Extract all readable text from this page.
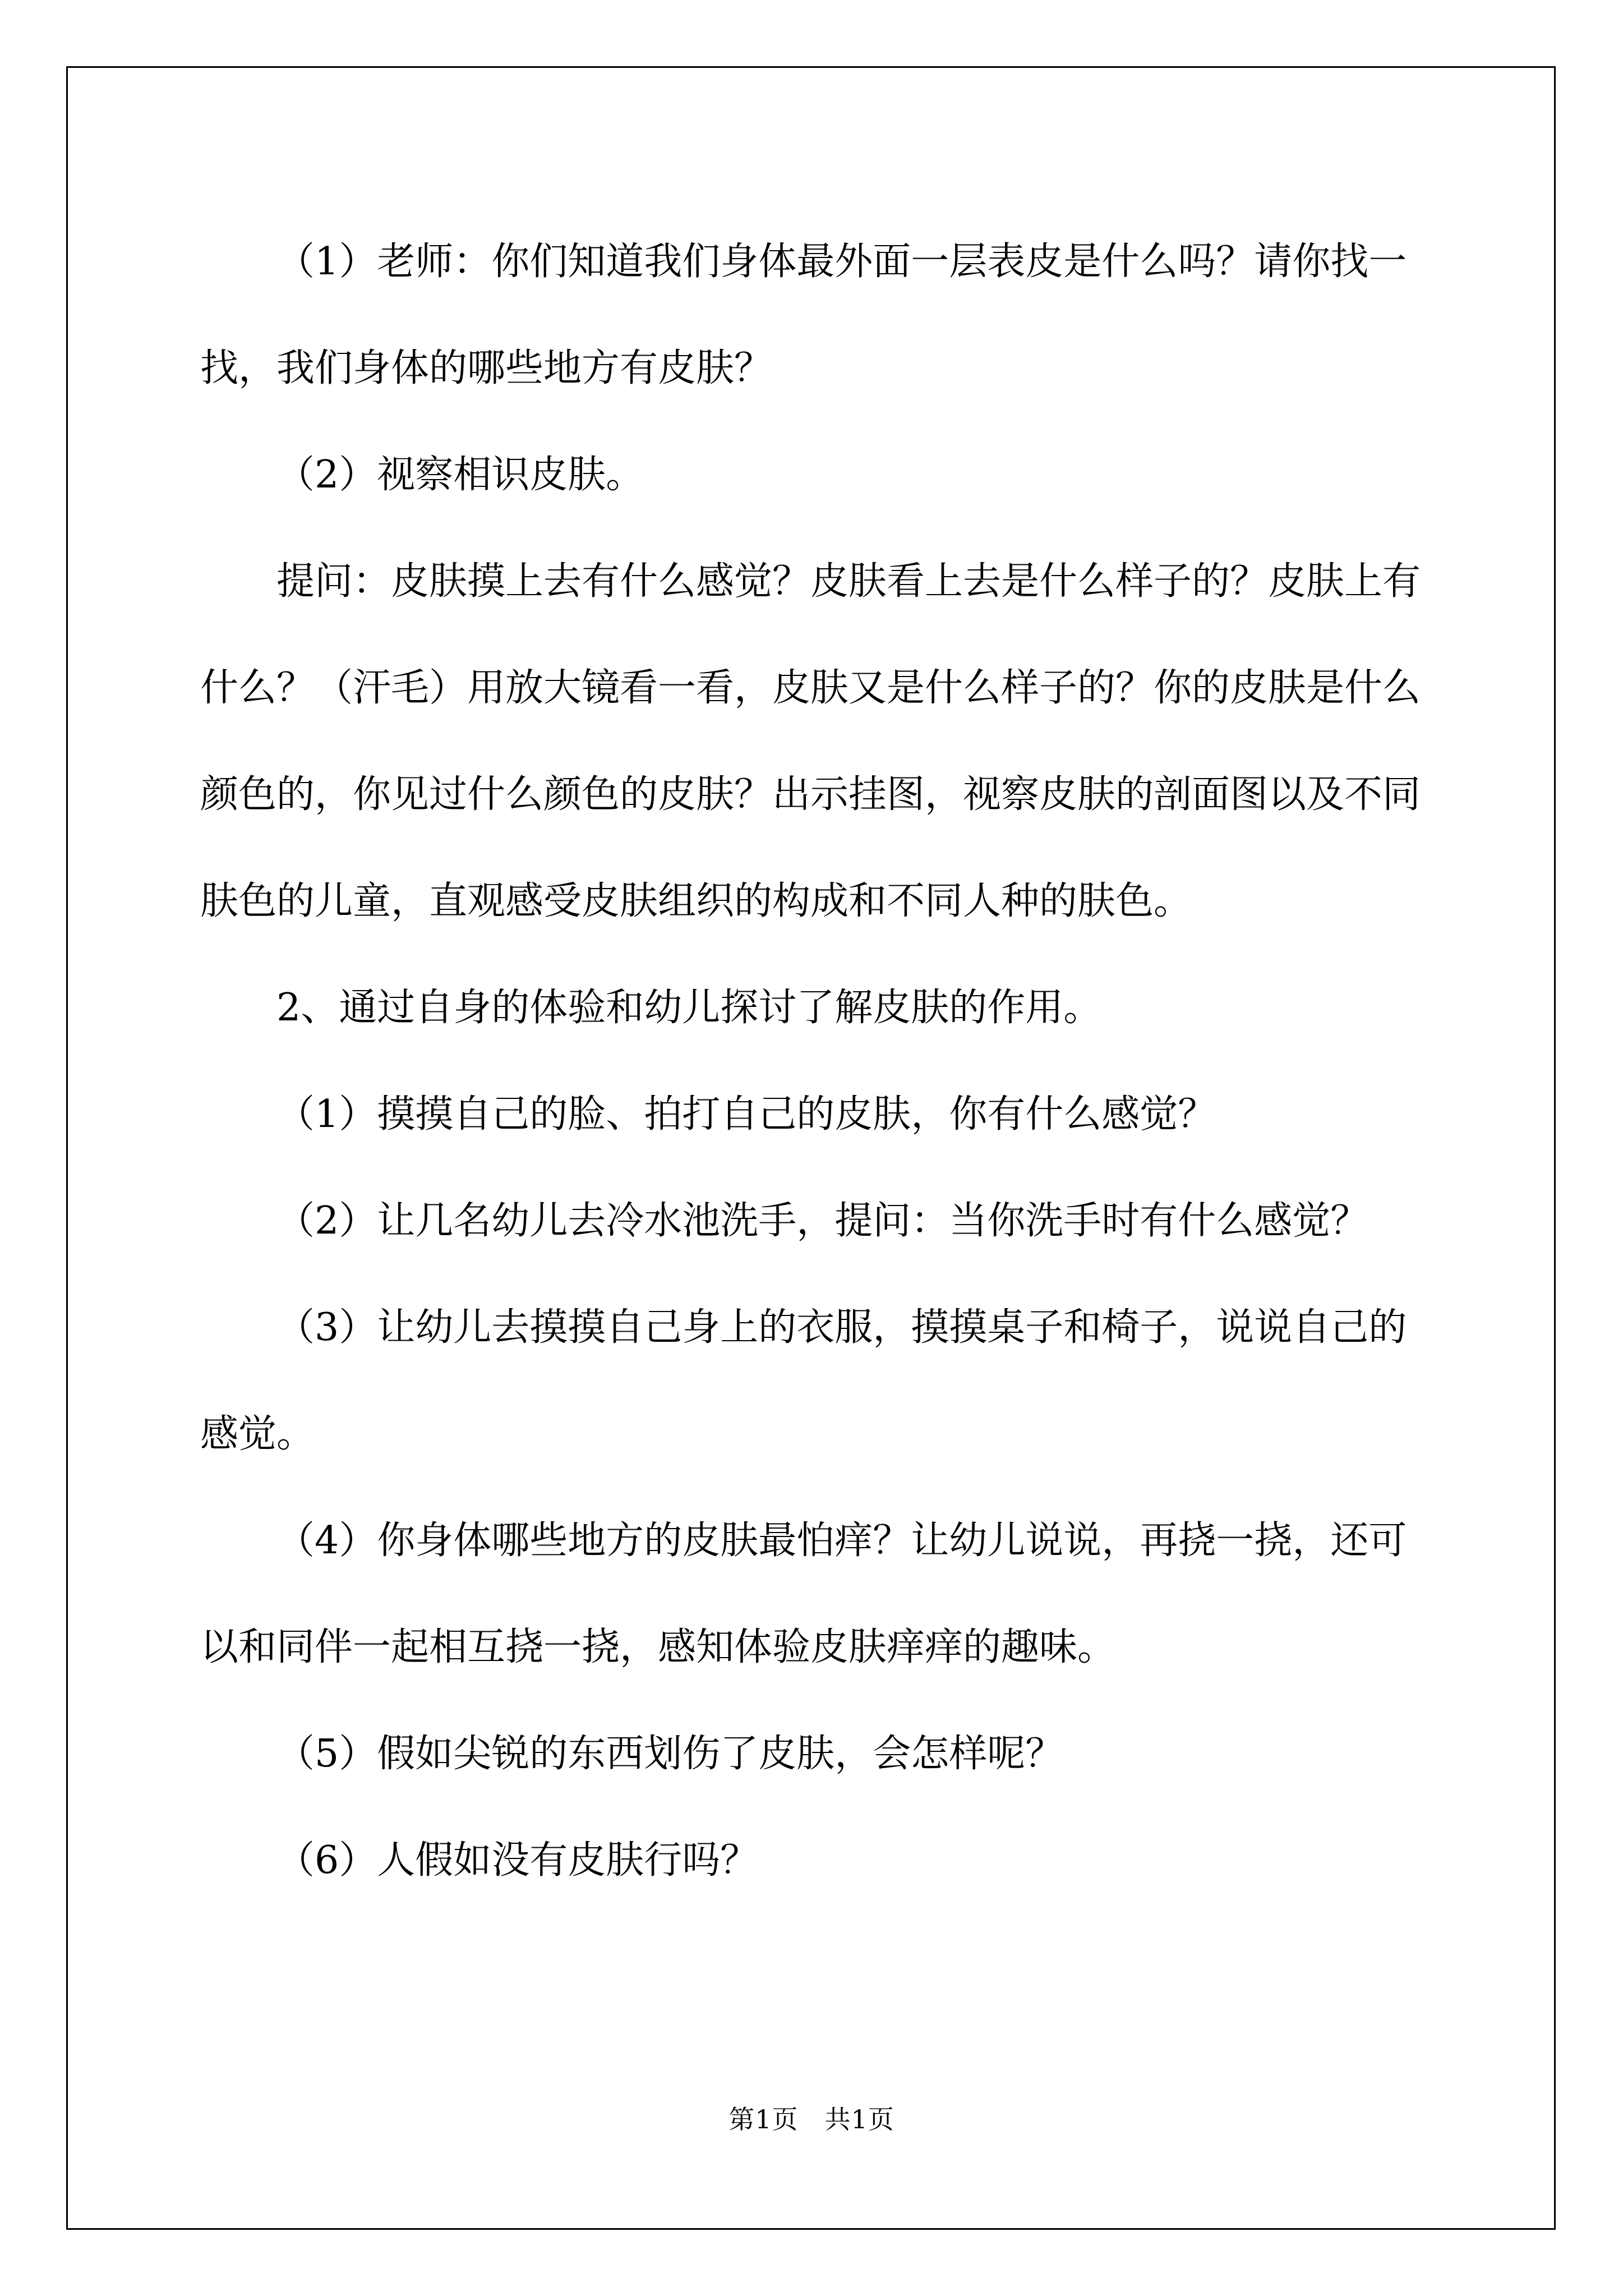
（1）老师：你们知道我们身体最外面一层表皮是什么吗？请你找一找，我们身体的哪些地方有皮肤？

（2）视察相识皮肤。

提问：皮肤摸上去有什么感觉？皮肤看上去是什么样子的？皮肤上有什么？（汗毛）用放大镜看一看，皮肤又是什么样子的？你的皮肤是什么颜色的，你见过什么颜色的皮肤？出示挂图，视察皮肤的剖面图以及不同肤色的儿童，直观感受皮肤组织的构成和不同人种的肤色。

2、通过自身的体验和幼儿探讨了解皮肤的作用。

（1）摸摸自己的脸、拍打自己的皮肤，你有什么感觉？

（2）让几名幼儿去冷水池洗手，提问：当你洗手时有什么感觉？

（3）让幼儿去摸摸自己身上的衣服，摸摸桌子和椅子，说说自己的感觉。

（4）你身体哪些地方的皮肤最怕痒？让幼儿说说，再挠一挠，还可以和同伴一起相互挠一挠，感知体验皮肤痒痒的趣味。

（5）假如尖锐的东西划伤了皮肤，会怎样呢？

（6）人假如没有皮肤行吗？

第1页　共1页
